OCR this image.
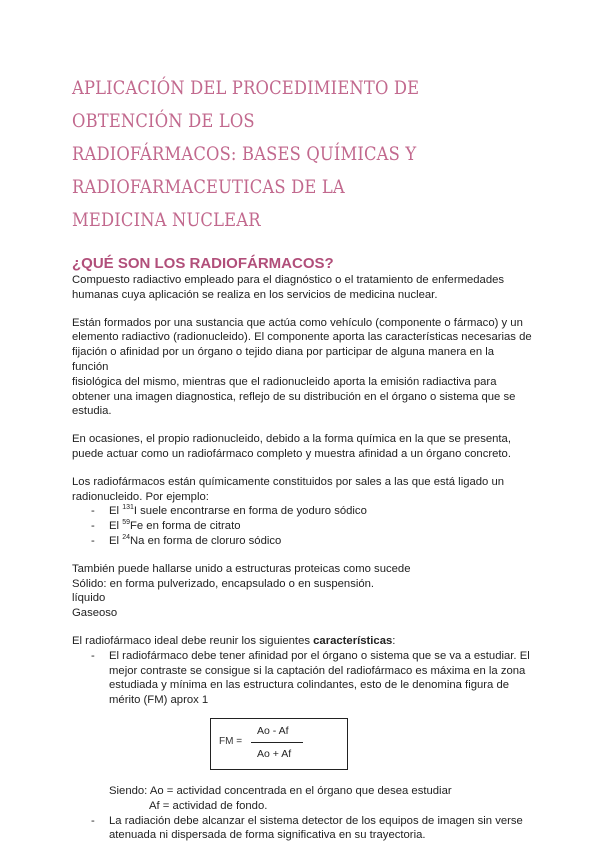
APLICACIÓN DEL PROCEDIMIENTO DE OBTENCIÓN DE LOS
RADIOFÁRMACOS: BASES QUÍMICAS Y RADIOFARMACEUTICAS DE LA
MEDICINA NUCLEAR
¿QUÉ SON LOS RADIOFÁRMACOS?

Compuesto radiactivo empleado para el diagnóstico o el tratamiento de enfermedades
humanas cuya aplicación se realiza en los servicios de medicina nuclear.

Están formados por una sustancia que actúa como vehículo (componente o fármaco) y un
elemento radiactivo (radionucleido). El componente aporta las características necesarias de
fijación o afinidad por un órgano o tejido diana por participar de alguna manera en la función
fisiológica del mismo, mientras que el radionucleido aporta la emisión radiactiva para
obtener una imagen diagnostica, reflejo de su distribución en el órgano o sistema que se
estudia.

En ocasiones, el propio radionucleido, debido a la forma química en la que se presenta,
puede actuar como un radiofármaco completo y muestra afinidad a un órgano concreto.

Los radiofármacos están químicamente constituidos por sales a las que está ligado un
radionucleido. Por ejemplo:

- El $^{131}$I suele encontrarse en forma de yoduro sódico
- El $^{59}$Fe en forma de citrato
- El $^{24}$Na en forma de cloruro sódico

También puede hallarse unido a estructuras proteicas como sucede
Sólido: en forma pulverizado, encapsulado o en suspensión.
líquido
Gaseoso

El radiofármaco ideal debe reunir los siguientes características:

- El radiofármaco debe tener afinidad por el órgano o sistema que se va a estudiar. El
mejor contraste se consigue si la captación del radiofármaco es máxima en la zona
estudiada y mínima en las estructura colindantes, esto de le denomina figura de
mérito (FM) aprox 1
FM =
Ao - Af
Ao + Af

Siendo: Ao = actividad concentrada en el órgano que desea estudiar

Af = actividad de fondo.

- La radiación debe alcanzar el sistema detector de los equipos de imagen sin verse
atenuada ni dispersada de forma significativa en su trayectoria.
